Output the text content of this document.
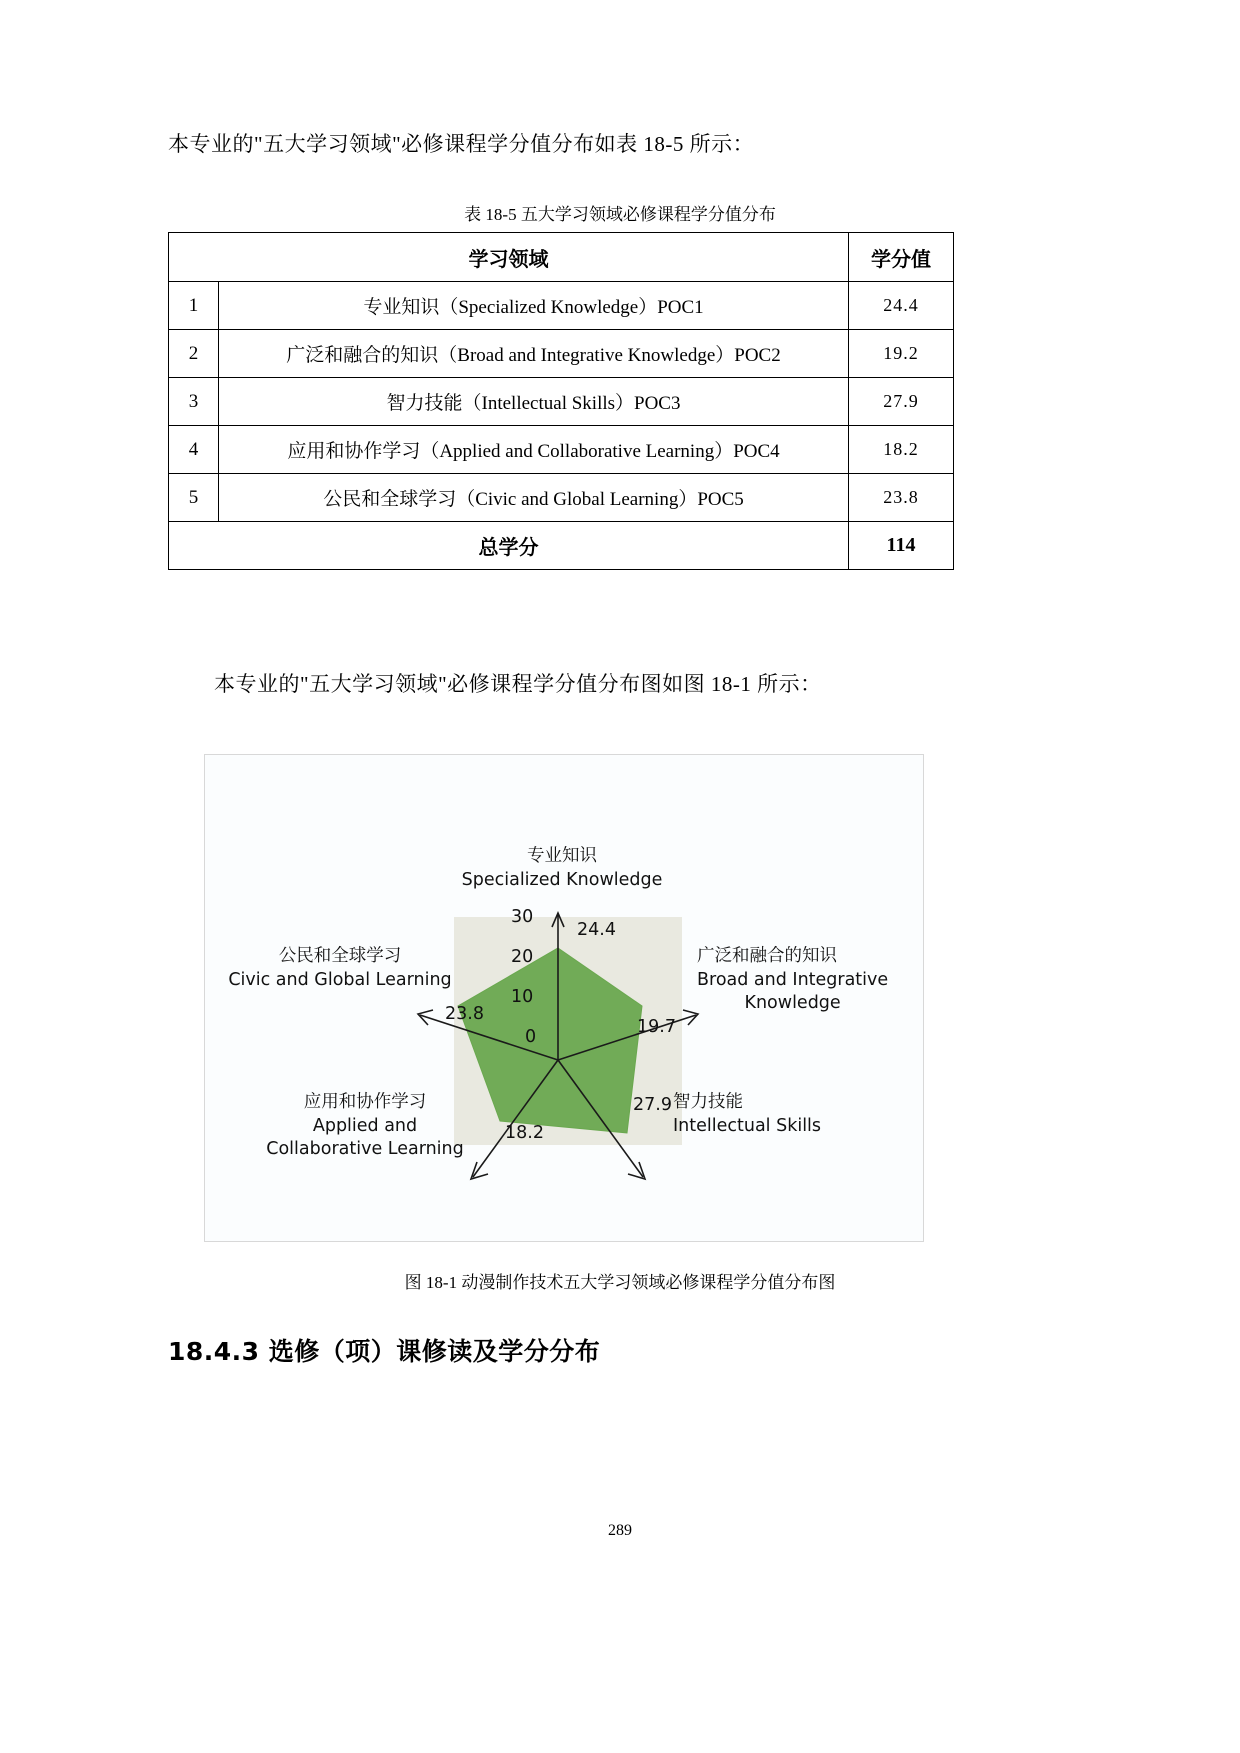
本专业的"五大学习领域"必修课程学分值分布如表 18-5 所示：
表 18-5 五大学习领域必修课程学分值分布
学习领域		学分值
1	专业知识（Specialized Knowledge）POC1	24.4
2	广泛和融合的知识（Broad and Integrative Knowledge）POC2	19.2
3	智力技能（Intellectual Skills）POC3	27.9
4	应用和协作学习（Applied and Collaborative Learning）POC4	18.2
5	公民和全球学习（Civic and Global Learning）POC5	23.8
总学分		114
本专业的"五大学习领域"必修课程学分值分布图如图 18-1 所示：
30
20
10
0
24.4
19.7
27.9
18.2
23.8
专业知识
Specialized Knowledge
广泛和融合的知识
Broad and Integrative
Knowledge
智力技能
Intellectual Skills
应用和协作学习
Applied and
Collaborative Learning
公民和全球学习
Civic and Global Learning
图 18-1 动漫制作技术五大学习领域必修课程学分值分布图
18.4.3 选修（项）课修读及学分分布
289
